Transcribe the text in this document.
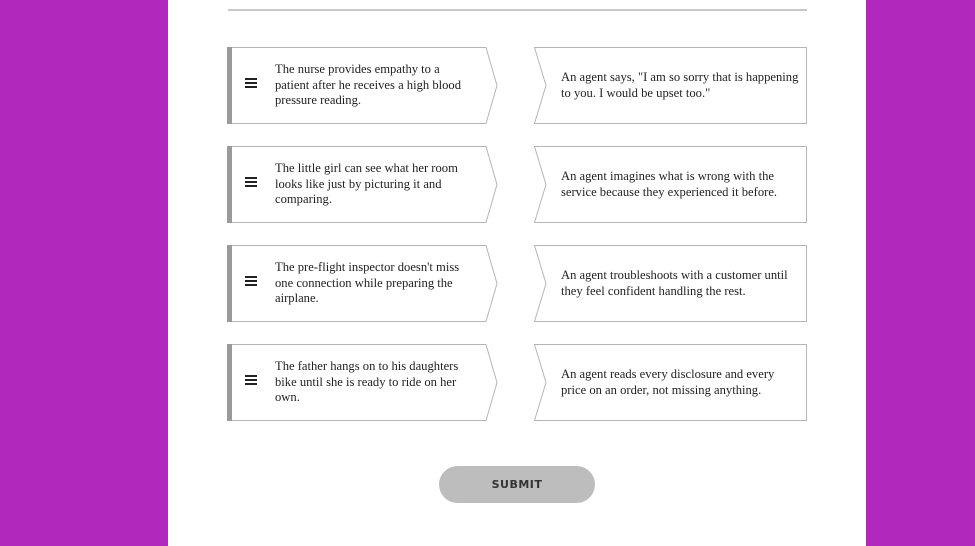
The nurse provides empathy to a patient after he receives a high blood pressure reading.
An agent says, "I am so sorry that is happening to you. I would be upset too."
The little girl can see what her room looks like just by picturing it and comparing.
An agent imagines what is wrong with the service because they experienced it before.
The pre-flight inspector doesn't miss one connection while preparing the airplane.
An agent troubleshoots with a customer until they feel confident handling the rest.
The father hangs on to his daughters bike until she is ready to ride on her own.
An agent reads every disclosure and every price on an order, not missing anything.
SUBMIT
